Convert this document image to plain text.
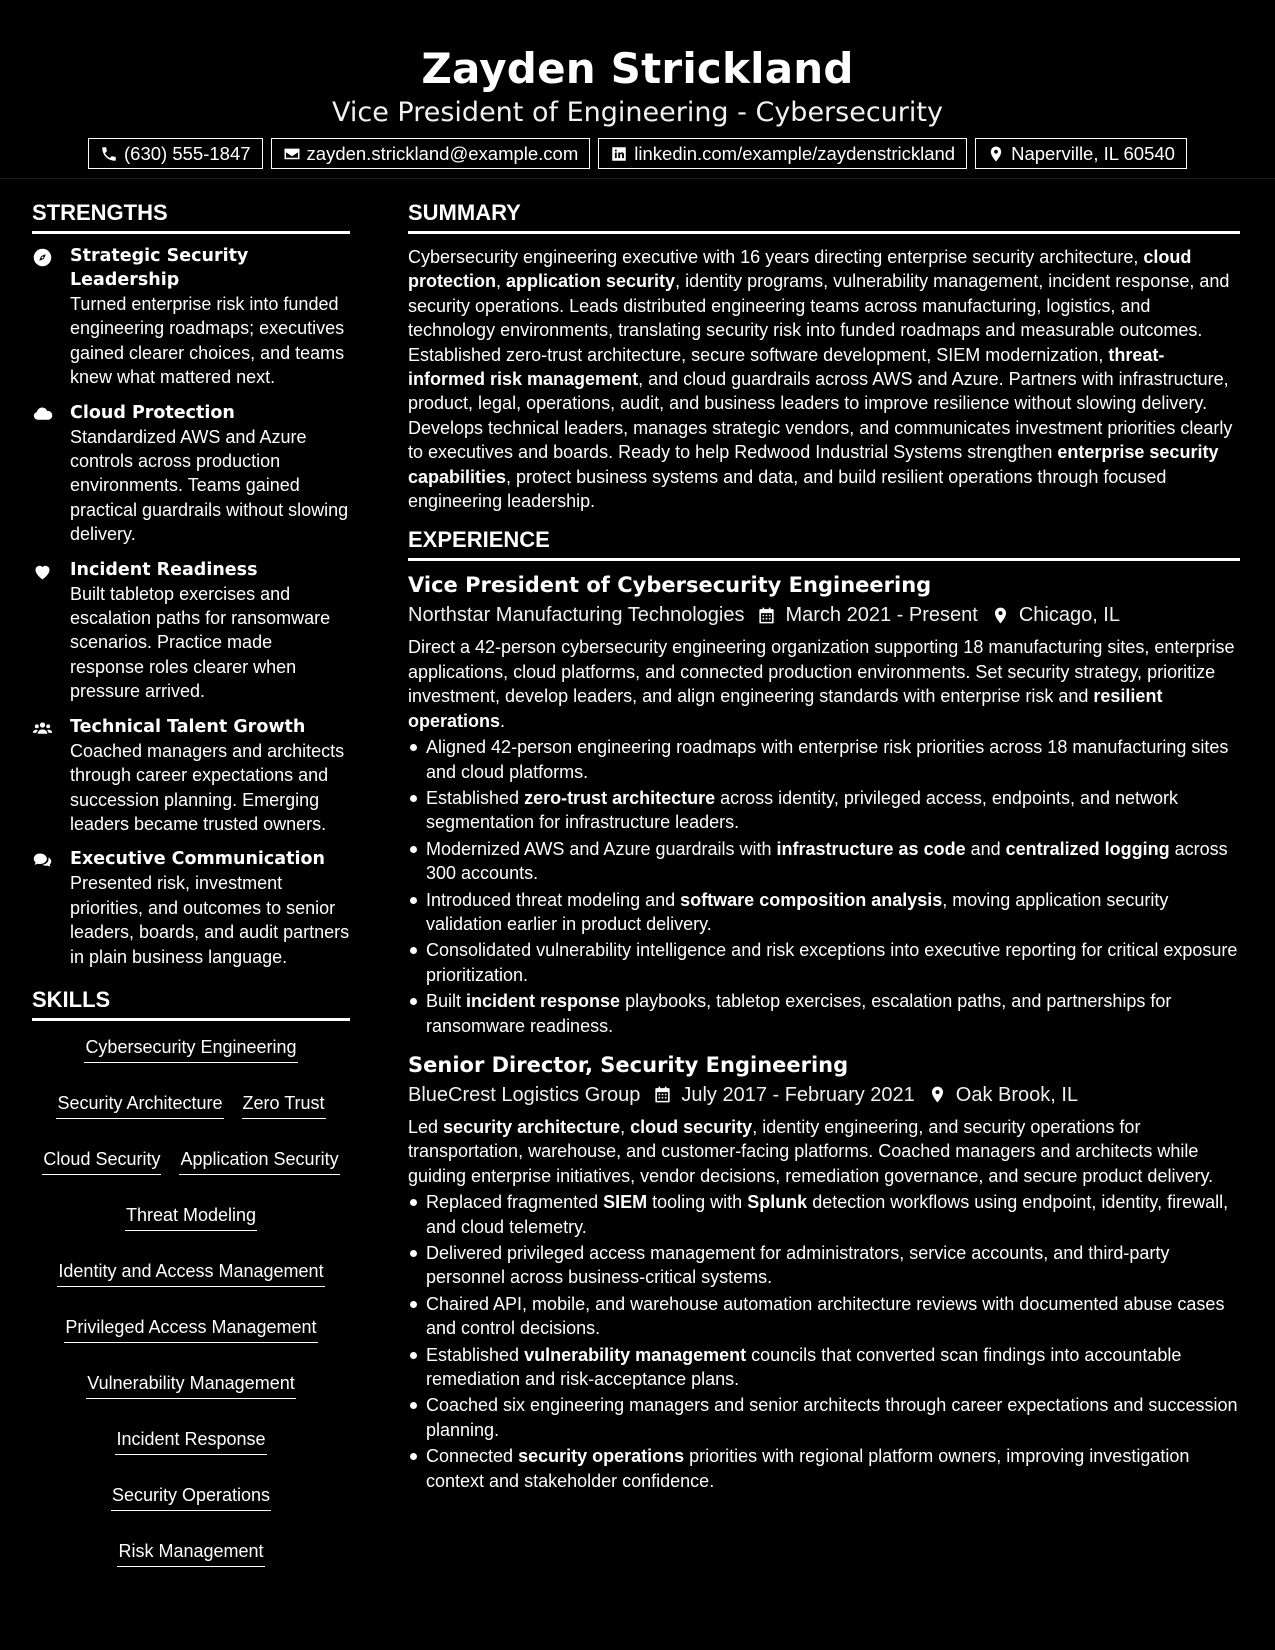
Zayden Strickland
Vice President of Engineering - Cybersecurity
(630) 555-1847	zayden.strickland@example.com	linkedin.com/example/zaydenstrickland	Naperville, IL 60540
STRENGTHS
Strategic Security Leadership
Turned enterprise risk into funded engineering roadmaps; executives gained clearer choices, and teams knew what mattered next.
Cloud Protection
Standardized AWS and Azure controls across production environments. Teams gained practical guardrails without slowing delivery.
Incident Readiness
Built tabletop exercises and escalation paths for ransomware scenarios. Practice made response roles clearer when pressure arrived.
Technical Talent Growth
Coached managers and architects through career expectations and succession planning. Emerging leaders became trusted owners.
Executive Communication
Presented risk, investment priorities, and outcomes to senior leaders, boards, and audit partners in plain business language.
SKILLS
Cybersecurity Engineering
Security Architecture Zero Trust
Cloud Security Application Security
Threat Modeling
Identity and Access Management
Privileged Access Management
Vulnerability Management
Incident Response
Security Operations
Risk Management
SUMMARY
Cybersecurity engineering executive with 16 years directing enterprise security architecture, cloud protection, application security, identity programs, vulnerability management, incident response, and security operations. Leads distributed engineering teams across manufacturing, logistics, and technology environments, translating security risk into funded roadmaps and measurable outcomes. Established zero-trust architecture, secure software development, SIEM modernization, threat-informed risk management, and cloud guardrails across AWS and Azure. Partners with infrastructure, product, legal, operations, audit, and business leaders to improve resilience without slowing delivery. Develops technical leaders, manages strategic vendors, and communicates investment priorities clearly to executives and boards. Ready to help Redwood Industrial Systems strengthen enterprise security capabilities, protect business systems and data, and build resilient operations through focused engineering leadership.
EXPERIENCE
Vice President of Cybersecurity Engineering
Northstar Manufacturing Technologies March 2021 - Present Chicago, IL
Direct a 42-person cybersecurity engineering organization supporting 18 manufacturing sites, enterprise applications, cloud platforms, and connected production environments. Set security strategy, prioritize investment, develop leaders, and align engineering standards with enterprise risk and resilient operations.
Aligned 42-person engineering roadmaps with enterprise risk priorities across 18 manufacturing sites and cloud platforms.
Established zero-trust architecture across identity, privileged access, endpoints, and network segmentation for infrastructure leaders.
Modernized AWS and Azure guardrails with infrastructure as code and centralized logging across 300 accounts.
Introduced threat modeling and software composition analysis, moving application security validation earlier in product delivery.
Consolidated vulnerability intelligence and risk exceptions into executive reporting for critical exposure prioritization.
Built incident response playbooks, tabletop exercises, escalation paths, and partnerships for ransomware readiness.
Senior Director, Security Engineering
BlueCrest Logistics Group July 2017 - February 2021 Oak Brook, IL
Led security architecture, cloud security, identity engineering, and security operations for transportation, warehouse, and customer-facing platforms. Coached managers and architects while guiding enterprise initiatives, vendor decisions, remediation governance, and secure product delivery.
Replaced fragmented SIEM tooling with Splunk detection workflows using endpoint, identity, firewall, and cloud telemetry.
Delivered privileged access management for administrators, service accounts, and third-party personnel across business-critical systems.
Chaired API, mobile, and warehouse automation architecture reviews with documented abuse cases and control decisions.
Established vulnerability management councils that converted scan findings into accountable remediation and risk-acceptance plans.
Coached six engineering managers and senior architects through career expectations and succession planning.
Connected security operations priorities with regional platform owners, improving investigation context and stakeholder confidence.
